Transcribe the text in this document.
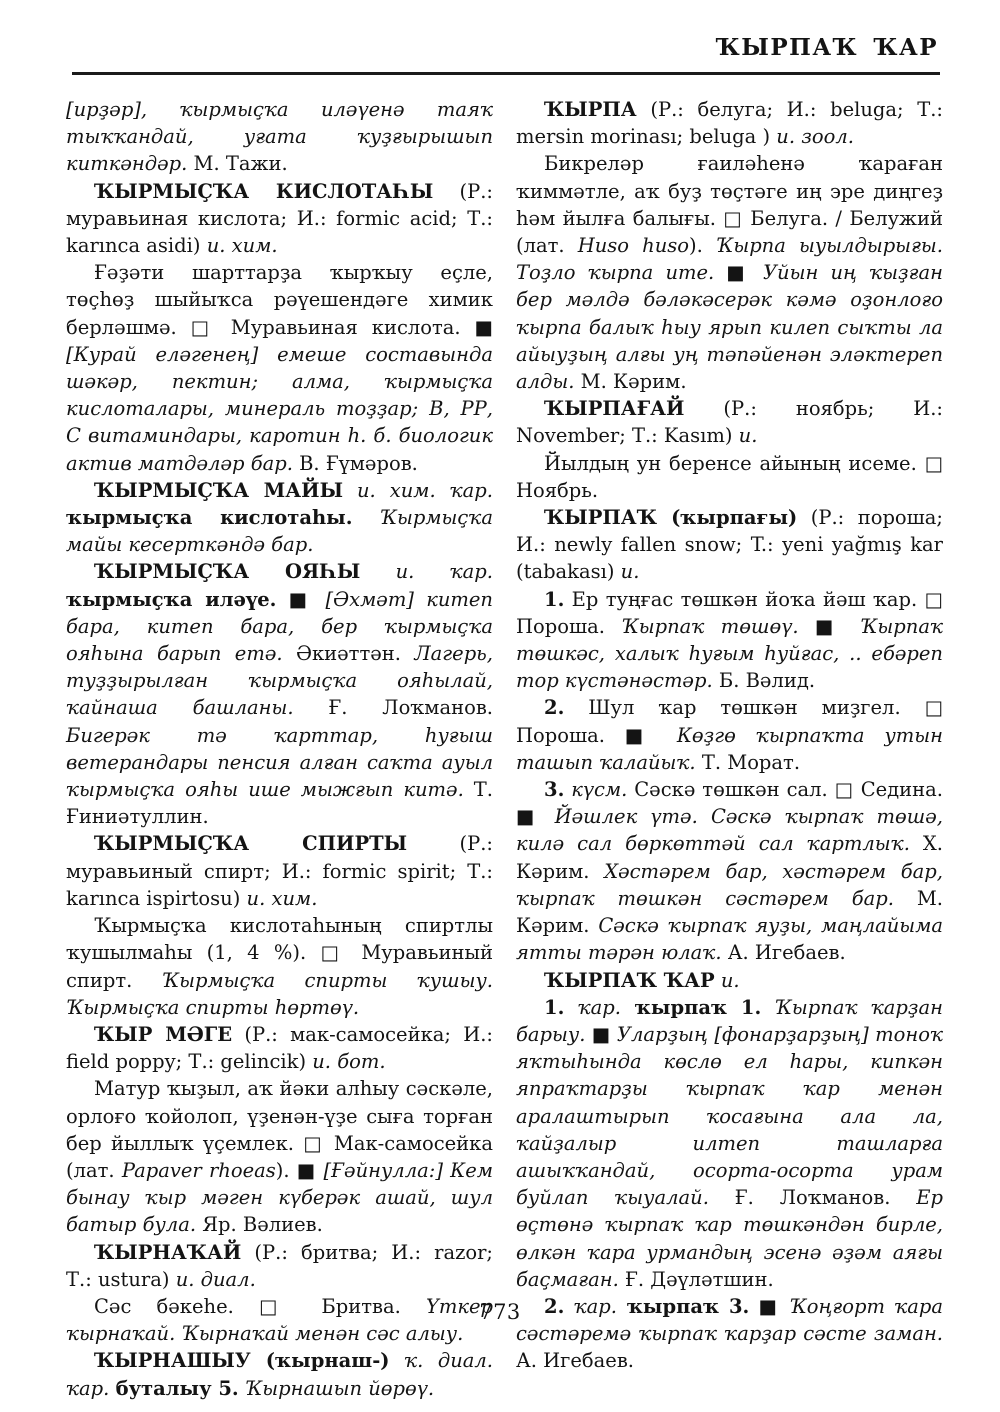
ҠЫРПАҠ ҠАР

[ирҙәр], ҡырмыҫҡа иләүенә таяҡ тыҡҡандай, уғата ҡуҙғырышып киткәндәр. М. Тажи.

ҠЫРМЫҪҠА КИСЛОТАҺЫ (Р.: муравьиная кислота; И.: formic acid; Т.: karınca asidi) и. хим.

Ғәҙәти шарттарҙа ҡырҡыу еҫле, төҫһөҙ шыйыҡса рәүешендәге химик берләшмә. □ Муравьиная кислота. ■ [Курай еләгенең] емеше составында шәкәр, пектин; алма, ҡырмыҫҡа кислоталары, минераль тоҙҙар; В, РР, С витаминдары, каротин һ. б. биологик актив матдәләр бар. В. Ғүмәров.

ҠЫРМЫҪҠА МАЙЫ и. хим. ҡар. ҡырмыҫҡа кислотаһы. Ҡырмыҫҡа майы кесерткәндә бар.

ҠЫРМЫҪҠА ОЯҺЫ и. ҡар. ҡырмыҫҡа иләүе. ■ [Әхмәт] китеп бара, китеп бара, бер ҡырмыҫҡа ояһына барып етә. Әкиәттән. Лагерь, туҙҙырылған ҡырмыҫҡа ояһылай, ҡайнаша башланы. Ғ. Лоҡманов. Бигерәк тә ҡарттар, һуғыш ветерандары пенсия алған саҡта ауыл ҡырмыҫҡа ояһы ише мыжғып китә. Т. Ғиниәтуллин.

ҠЫРМЫҪҠА СПИРТЫ (Р.: муравьиный спирт; И.: formic spirit; Т.: karınca ispirtosu) и. хим.

Ҡырмыҫҡа кислотаһының спиртлы ҡушылмаһы (1, 4 %). □ Муравьиный спирт. Ҡырмыҫҡа спирты ҡушыу. Ҡырмыҫҡа спирты һөртөү.

ҠЫР МӘГЕ (Р.: мак-самосейка; И.: field poppy; Т.: gelincik) и. бот.

Матур ҡыҙыл, аҡ йәки алһыу сәскәле, орлоғо ҡойолоп, үҙенән-үҙе сыға торған бер йыллыҡ үҫемлек. □ Мак-самосейка (лат. Papaver rhoeas). ■ [Ғәйнулла:] Кем бынау ҡыр мәген күберәк ашай, шул батыр була. Яр. Вәлиев.

ҠЫРНАҠАЙ (Р.: бритва; И.: razor; Т.: ustura) и. диал.

Сәс бәкеһе. □ Бритва. Үткер ҡырнаҡай. Ҡырнаҡай менән сәс алыу.

ҠЫРНАШЫУ (ҡырнаш-) ҡ. диал. ҡар. буталыу 5. Ҡырнашып йөрөү.

ҠЫРПА (Р.: белуга; И.: beluga; Т.: mersin morinası; beluga ) и. зоол.

Бикреләр ғаиләһенә ҡараған ҡиммәтле, аҡ буҙ төҫтәге иң эре диңгеҙ һәм йылға балығы. □ Белуга. / Белужий (лат. Huso huso). Ҡырпа ыуылдырығы. Тоҙло ҡырпа ите. ■ Уйын иң ҡыҙған бер мәлдә бәләкәсерәк кәмә оҙонлоғо ҡырпа балыҡ һыу ярып килеп сыҡты ла айыуҙың алғы уң тәпәйенән эләктереп алды. М. Кәрим.

ҠЫРПАҒАЙ (Р.: ноябрь; И.: November; Т.: Kasım) и.

Йылдың ун беренсе айының исеме. □ Ноябрь.

ҠЫРПАҠ (ҡырпағы) (Р.: пороша; И.: newly fallen snow; T.: yeni yağmış kar (tabakası) и.

1. Ер туңғас төшкән йоҡа йәш ҡар. □ Пороша. Ҡырпаҡ төшөү. ■ Ҡырпаҡ төшкәс, халыҡ һуғым һуйғас, .. ебәреп тор күстәнәстәр. Б. Вәлид.

2. Шул ҡар төшкән миҙгел. □ Пороша. ■ Көҙгө ҡырпаҡта утын ташып ҡалайыҡ. Т. Морат.

3. күсм. Сәскә төшкән сал. □ Седина. ■ Йәшлек үтә. Сәскә ҡырпаҡ төшә, килә сал бөркөттәй сал ҡартлыҡ. Х. Кәрим. Хәстәрем бар, хәстәрем бар, ҡырпаҡ төшкән сәстәрем бар. М. Кәрим. Сәскә ҡырпаҡ яуҙы, маңлайыма ятты тәрән юлаҡ. А. Игебаев.

ҠЫРПАҠ ҠАР и.

1. ҡар. ҡырпаҡ 1. Ҡырпаҡ ҡарҙан барыу. ■ Уларҙың [фонарҙарҙың] тоноҡ яҡтыһында көслө ел һары, кипкән япраҡтарҙы ҡырпаҡ ҡар менән аралаштырып ҡосағына ала ла, ҡайҙалыр илтеп ташларға ашыҡҡандай, осорта-осорта урам буйлап ҡыуалай. Ғ. Лоҡманов. Ер өҫтөнә ҡырпаҡ ҡар төшкәндән бирле, өлкән ҡара урмандың эсенә әҙәм аяғы баҫмаған. Ғ. Дәүләтшин.

2. ҡар. ҡырпаҡ 3. ■ Ҡоңғорт ҡара сәстәремә ҡырпаҡ ҡарҙар сәсте заман. А. Игебаев.

773
